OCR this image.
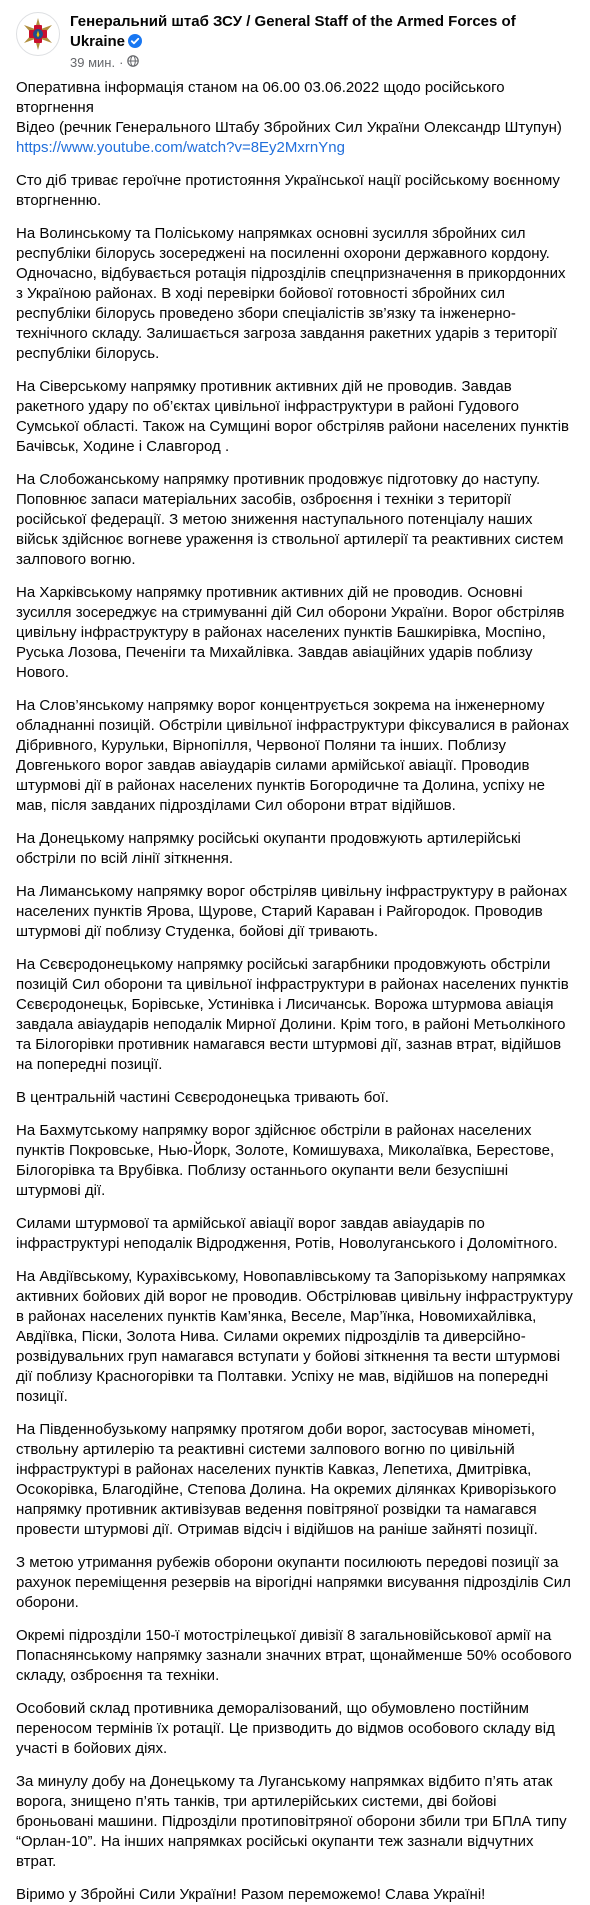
Генеральний штаб ЗСУ / General Staff of the Armed Forces of Ukraine
39 мин. ·

Оперативна інформація станом на 06.00 03.06.2022 щодо російського вторгнення
Відео (речник Генерального Штабу Збройних Сил України Олександр Штупун)
https://www.youtube.com/watch?v=8Ey2MxrnYng

Сто діб триває героїчне протистояння Української нації російському воєнному вторгненню.

На Волинському та Поліському напрямках основні зусилля збройних сил республіки білорусь зосереджені на посиленні охорони державного кордону. Одночасно, відбувається ротація підрозділів спецпризначення в прикордонних з Україною районах. В ході перевірки бойової готовності збройних сил республіки білорусь проведено збори спеціалістів зв’язку та інженерно-технічного складу. Залишається загроза завдання ракетних ударів з території республіки білорусь.

На Сіверському напрямку противник активних дій не проводив. Завдав ракетного удару по об’єктах цивільної інфраструктури в районі Гудового Сумської області. Також на Сумщині ворог обстріляв райони населених пунктів Бачівськ, Ходине і Славгород .

На Слобожанському напрямку противник продовжує підготовку до наступу. Поповнює запаси матеріальних засобів, озброєння і техніки з території російської федерації. З метою зниження наступального потенціалу наших військ здійснює вогневе ураження із ствольної артилерії та реактивних систем залпового вогню.

На Харківському напрямку противник активних дій не проводив. Основні зусилля зосереджує на стримуванні дій Сил оборони України. Ворог обстріляв цивільну інфраструктуру в районах населених пунктів Башкирівка, Моспіно, Руська Лозова, Печеніги та Михайлівка. Завдав авіаційних ударів поблизу Нового.

На Слов’янському напрямку ворог концентрується зокрема на інженерному обладнанні позицій. Обстріли цивільної інфраструктури фіксувалися в районах Дібривного, Курульки, Вірнопілля, Червоної Поляни та інших. Поблизу Довгенького ворог завдав авіаударів силами армійської авіації. Проводив штурмові дії в районах населених пунктів Богородичне та Долина, успіху не мав, після завданих підрозділами Сил оборони втрат відійшов.

На Донецькому напрямку російські окупанти продовжують артилерійські обстріли по всій лінії зіткнення.

На Лиманському напрямку ворог обстріляв цивільну інфраструктуру в районах населених пунктів Ярова, Щурове, Старий Караван і Райгородок. Проводив штурмові дії поблизу Студенка, бойові дії тривають.

На Сєвєродонецькому напрямку російські загарбники продовжують обстріли позицій Сил оборони та цивільної інфраструктури в районах населених пунктів Сєвєродонецьк, Борівське, Устинівка і Лисичанськ. Ворожа штурмова авіація завдала авіаударів неподалік Мирної Долини. Крім того, в районі Метьолкіного та Білогорівки противник намагався вести штурмові дії, зазнав втрат, відійшов на попередні позиції.

В центральній частині Сєвєродонецька тривають бої.

На Бахмутському напрямку ворог здійснює обстріли в районах населених пунктів Покровське, Нью-Йорк, Золоте, Комишуваха, Миколаївка, Берестове, Білогорівка та Врубівка. Поблизу останнього окупанти вели безуспішні штурмові дії.

Силами штурмової та армійської авіації ворог завдав авіаударів по інфраструктурі неподалік Відродження, Ротів, Новолуганського і Доломітного.

На Авдіївському, Курахівському, Новопавлівському та Запорізькому напрямках активних бойових дій ворог не проводив. Обстрілював цивільну інфраструктуру в районах населених пунктів Кам’янка, Веселе, Мар’їнка, Новомихайлівка, Авдіївка, Піски, Золота Нива. Силами окремих підрозділів та диверсійно-розвідувальних груп намагався вступати у бойові зіткнення та вести штурмові дії поблизу Красногорівки та Полтавки. Успіху не мав, відійшов на попередні позиції.

На Південнобузькому напрямку протягом доби ворог, застосував мінометі, ствольну артилерію та реактивні системи залпового вогню по цивільній інфраструктурі в районах населених пунктів Кавказ, Лепетиха, Дмитрівка, Осокорівка, Благодійне, Степова Долина. На окремих ділянках Криворізького напрямку противник активізував ведення повітряної розвідки та намагався провести штурмові дії. Отримав відсіч і відійшов на раніше зайняті позиції.

З метою утримання рубежів оборони окупанти посилюють передові позиції за рахунок переміщення резервів на вірогідні напрямки висування підрозділів Сил оборони.

Окремі підрозділи 150-ї мотострілецької дивізії 8 загальновійськової армії на Попаснянському напрямку зазнали значних втрат, щонайменше 50% особового складу, озброєння та техніки.

Особовий склад противника деморалізований, що обумовлено постійним переносом термінів їх ротації. Це призводить до відмов особового складу від участі в бойових діях.

За минулу добу на Донецькому та Луганському напрямках відбито п’ять атак ворога, знищено п’ять танків, три артилерійських системи, дві бойові броньовані машини. Підрозділи протиповітряної оборони збили три БПлА типу “Орлан-10”. На інших напрямках російські окупанти теж зазнали відчутних втрат.

Віримо у Збройні Сили України! Разом переможемо! Слава Україні!
